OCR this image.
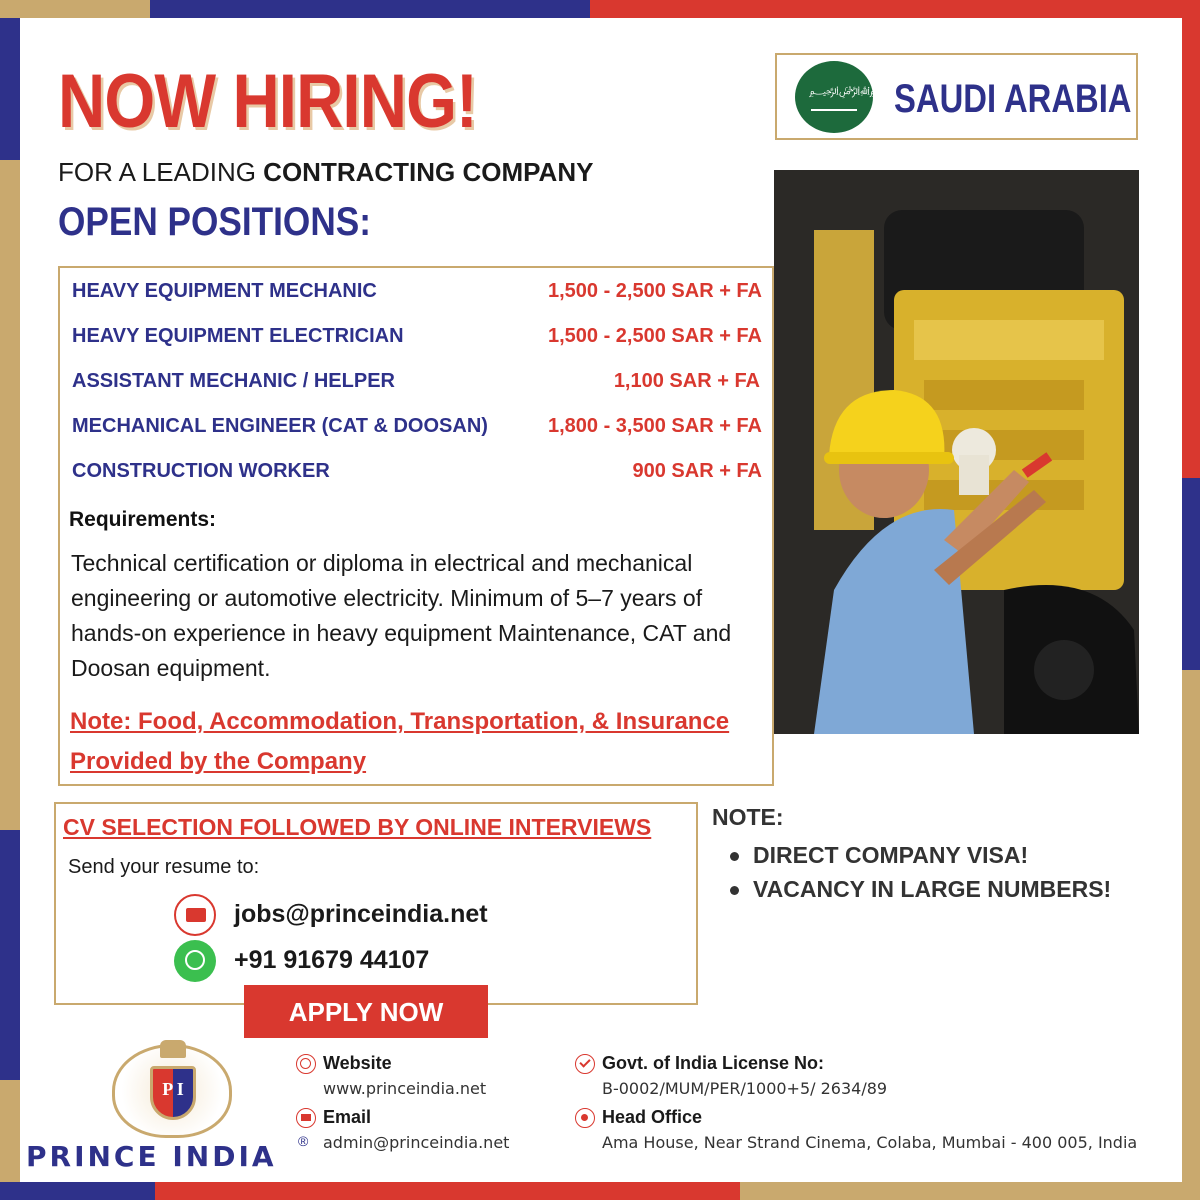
NOW HIRING!
FOR A LEADING CONTRACTING COMPANY
OPEN POSITIONS:
﷽ SAUDI ARABIA
HEAVY EQUIPMENT MECHANIC	1,500 - 2,500 SAR + FA
HEAVY EQUIPMENT ELECTRICIAN	1,500 - 2,500 SAR + FA
ASSISTANT MECHANIC / HELPER	1,100 SAR + FA
MECHANICAL ENGINEER (CAT & DOOSAN)	1,800 - 3,500 SAR + FA
CONSTRUCTION WORKER	900 SAR + FA
Requirements:
Technical certification or diploma in electrical and mechanical engineering or automotive electricity. Minimum of 5–7 years of hands-on experience in heavy equipment Maintenance, CAT and Doosan equipment.
Note: Food, Accommodation, Transportation, & Insurance Provided by the Company
CV SELECTION FOLLOWED BY ONLINE INTERVIEWS
Send your resume to:
jobs@princeindia.net
+91 91679 44107
APPLY NOW
NOTE:
DIRECT COMPANY VISA!
VACANCY IN LARGE NUMBERS!
P I
PRINCE INDIA ®
Website
www.princeindia.net
Email
admin@princeindia.net
Govt. of India License No:
B-0002/MUM/PER/1000+5/ 2634/89
Head Office
Ama House, Near Strand Cinema, Colaba, Mumbai - 400 005, India
